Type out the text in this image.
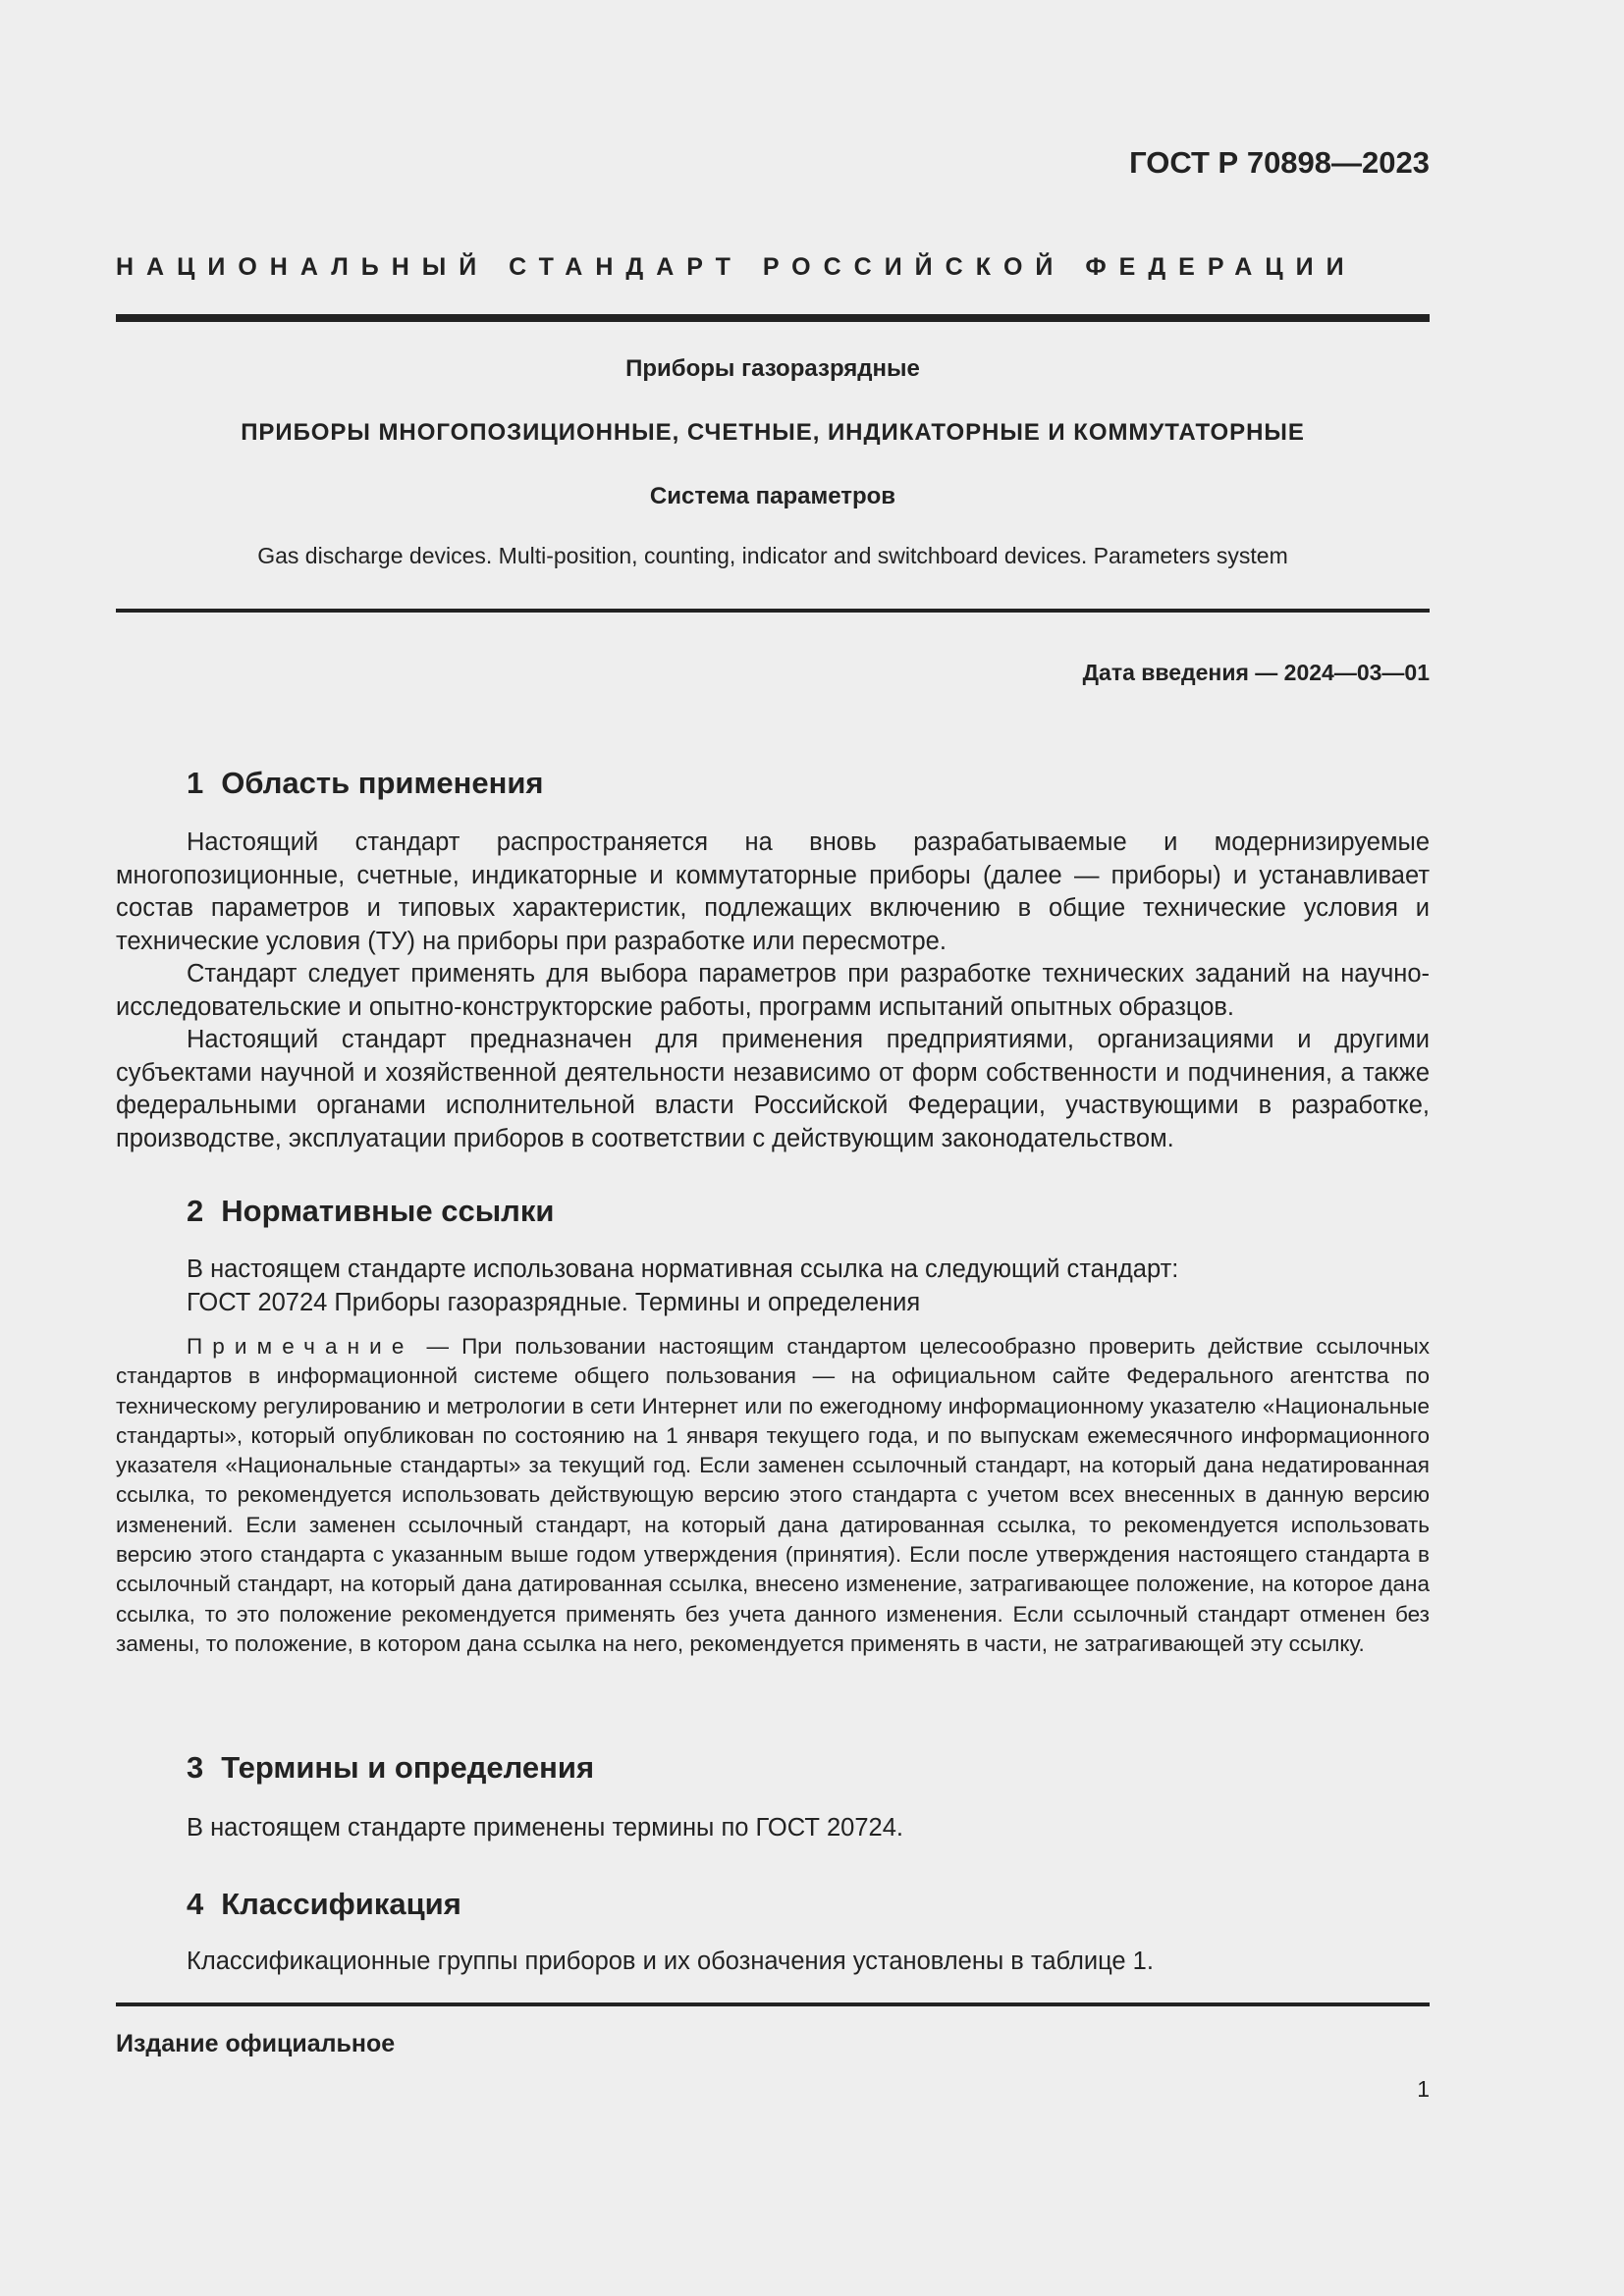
ГОСТ Р 70898—2023
НАЦИОНАЛЬНЫЙ СТАНДАРТ РОССИЙСКОЙ ФЕДЕРАЦИИ
Приборы газоразрядные
ПРИБОРЫ МНОГОПОЗИЦИОННЫЕ, СЧЕТНЫЕ, ИНДИКАТОРНЫЕ И КОММУТАТОРНЫЕ
Система параметров
Gas discharge devices. Multi-position, counting, indicator and switchboard devices. Parameters system
Дата введения — 2024—03—01
1 Область применения

Настоящий стандарт распространяется на вновь разрабатываемые и модернизируемые многопозиционные, счетные, индикаторные и коммутаторные приборы (далее — приборы) и устанавливает состав параметров и типовых характеристик, подлежащих включению в общие технические условия и технические условия (ТУ) на приборы при разработке или пересмотре.

Стандарт следует применять для выбора параметров при разработке технических заданий на научно-исследовательские и опытно-конструкторские работы, программ испытаний опытных образцов.

Настоящий стандарт предназначен для применения предприятиями, организациями и другими субъектами научной и хозяйственной деятельности независимо от форм собственности и подчинения, а также федеральными органами исполнительной власти Российской Федерации, участвующими в разработке, производстве, эксплуатации приборов в соответствии с действующим законодательством.

2 Нормативные ссылки

В настоящем стандарте использована нормативная ссылка на следующий стандарт:

ГОСТ 20724 Приборы газоразрядные. Термины и определения

Примечание — При пользовании настоящим стандартом целесообразно проверить действие ссылочных стандартов в информационной системе общего пользования — на официальном сайте Федерального агентства по техническому регулированию и метрологии в сети Интернет или по ежегодному информационному указателю «Национальные стандарты», который опубликован по состоянию на 1 января текущего года, и по выпускам ежемесячного информационного указателя «Национальные стандарты» за текущий год. Если заменен ссылочный стандарт, на который дана недатированная ссылка, то рекомендуется использовать действующую версию этого стандарта с учетом всех внесенных в данную версию изменений. Если заменен ссылочный стандарт, на который дана датированная ссылка, то рекомендуется использовать версию этого стандарта с указанным выше годом утверждения (принятия). Если после утверждения настоящего стандарта в ссылочный стандарт, на который дана датированная ссылка, внесено изменение, затрагивающее положение, на которое дана ссылка, то это положение рекомендуется применять без учета данного изменения. Если ссылочный стандарт отменен без замены, то положение, в котором дана ссылка на него, рекомендуется применять в части, не затрагивающей эту ссылку.

3 Термины и определения

В настоящем стандарте применены термины по ГОСТ 20724.

4 Классификация

Классификационные группы приборов и их обозначения установлены в таблице 1.

Издание официальное
1
